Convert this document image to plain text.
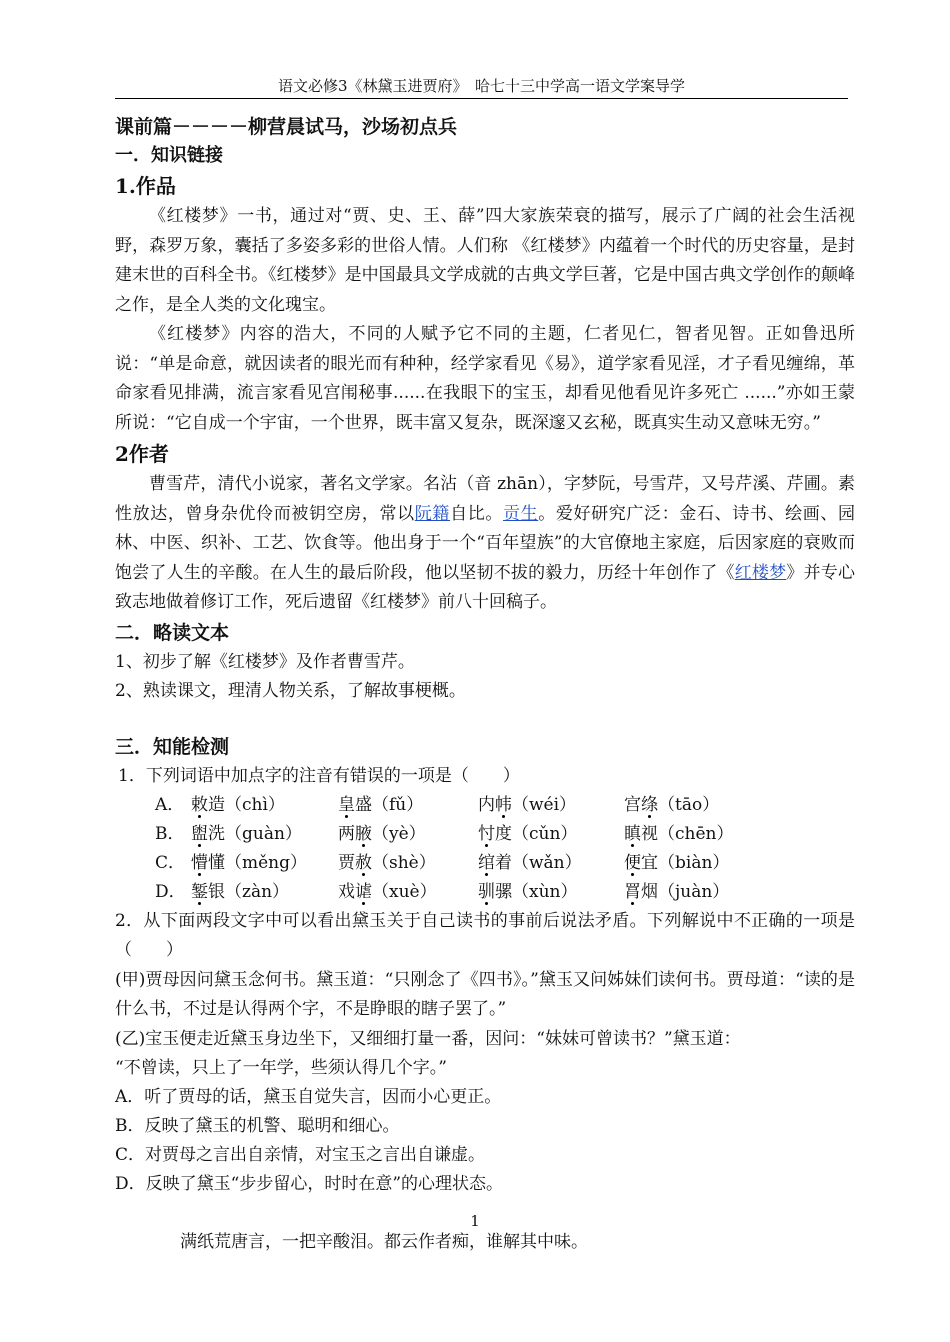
语文必修3《林黛玉进贾府》　哈七十三中学高一语文学案导学

课前篇－－－－柳营晨试马，沙场初点兵

一．知识链接

1.作品

《红楼梦》一书，通过对“贾、史、王、薛”四大家族荣衰的描写，展示了广阔的社会生活视野，森罗万象，囊括了多姿多彩的世俗人情。人们称 《红楼梦》内蕴着一个时代的历史容量，是封建末世的百科全书。《红楼梦》是中国最具文学成就的古典文学巨著，它是中国古典文学创作的颠峰之作，是全人类的文化瑰宝。

《红楼梦》内容的浩大，不同的人赋予它不同的主题，仁者见仁，智者见智。正如鲁迅所说：“单是命意，就因读者的眼光而有种种，经学家看见《易》，道学家看见淫，才子看见缠绵，革命家看见排满，流言家看见宫闱秘事......在我眼下的宝玉，却看见他看见许多死亡 ......”亦如王蒙所说：“它自成一个宇宙，一个世界，既丰富又复杂，既深邃又玄秘，既真实生动又意味无穷。”

2作者

曹雪芹，清代小说家，著名文学家。名沾（音 zhān），字梦阮，号雪芹，又号芹溪、芹圃。素性放达，曾身杂优伶而被钥空房，常以阮籍自比。贡生。爱好研究广泛：金石、诗书、绘画、园林、中医、织补、工艺、饮食等。他出身于一个“百年望族”的大官僚地主家庭，后因家庭的衰败而饱尝了人生的辛酸。在人生的最后阶段，他以坚韧不拔的毅力，历经十年创作了《红楼梦》并专心致志地做着修订工作，死后遗留《红楼梦》前八十回稿子。

二．略读文本

1、初步了解《红楼梦》及作者曹雪芹。

2、熟读课文，理清人物关系，了解故事梗概。

三．知能检测

1．下列词语中加点字的注音有错误的一项是（　　）

A． 敕造（chì）	皇盛（fǔ）	内帏（wéi）	宫绦（tāo）
B． 盥洗（guàn）	两腋（yè）	忖度（cǔn）	瞋视（chēn）
C． 懵懂（měng）	贾赦（shè）	绾着（wǎn）	便宜（biàn）
D． 錾银（zàn）	戏谑（xuè）	驯骡（xùn）	罥烟（juàn）

2．从下面两段文字中可以看出黛玉关于自己读书的事前后说法矛盾。下列解说中不正确的一项是（　　）

(甲)贾母因问黛玉念何书。黛玉道：“只刚念了《四书》。”黛玉又问姊妹们读何书。贾母道：“读的是什么书，不过是认得两个字，不是睁眼的瞎子罢了。”

(乙)宝玉便走近黛玉身边坐下，又细细打量一番，因问：“妹妹可曾读书？”黛玉道：

“不曾读，只上了一年学，些须认得几个字。”

A．听了贾母的话，黛玉自觉失言，因而小心更正。

B．反映了黛玉的机警、聪明和细心。

C．对贾母之言出自亲情，对宝玉之言出自谦虚。

D．反映了黛玉“步步留心，时时在意”的心理状态。

1
满纸荒唐言，一把辛酸泪。都云作者痴，谁解其中味。
